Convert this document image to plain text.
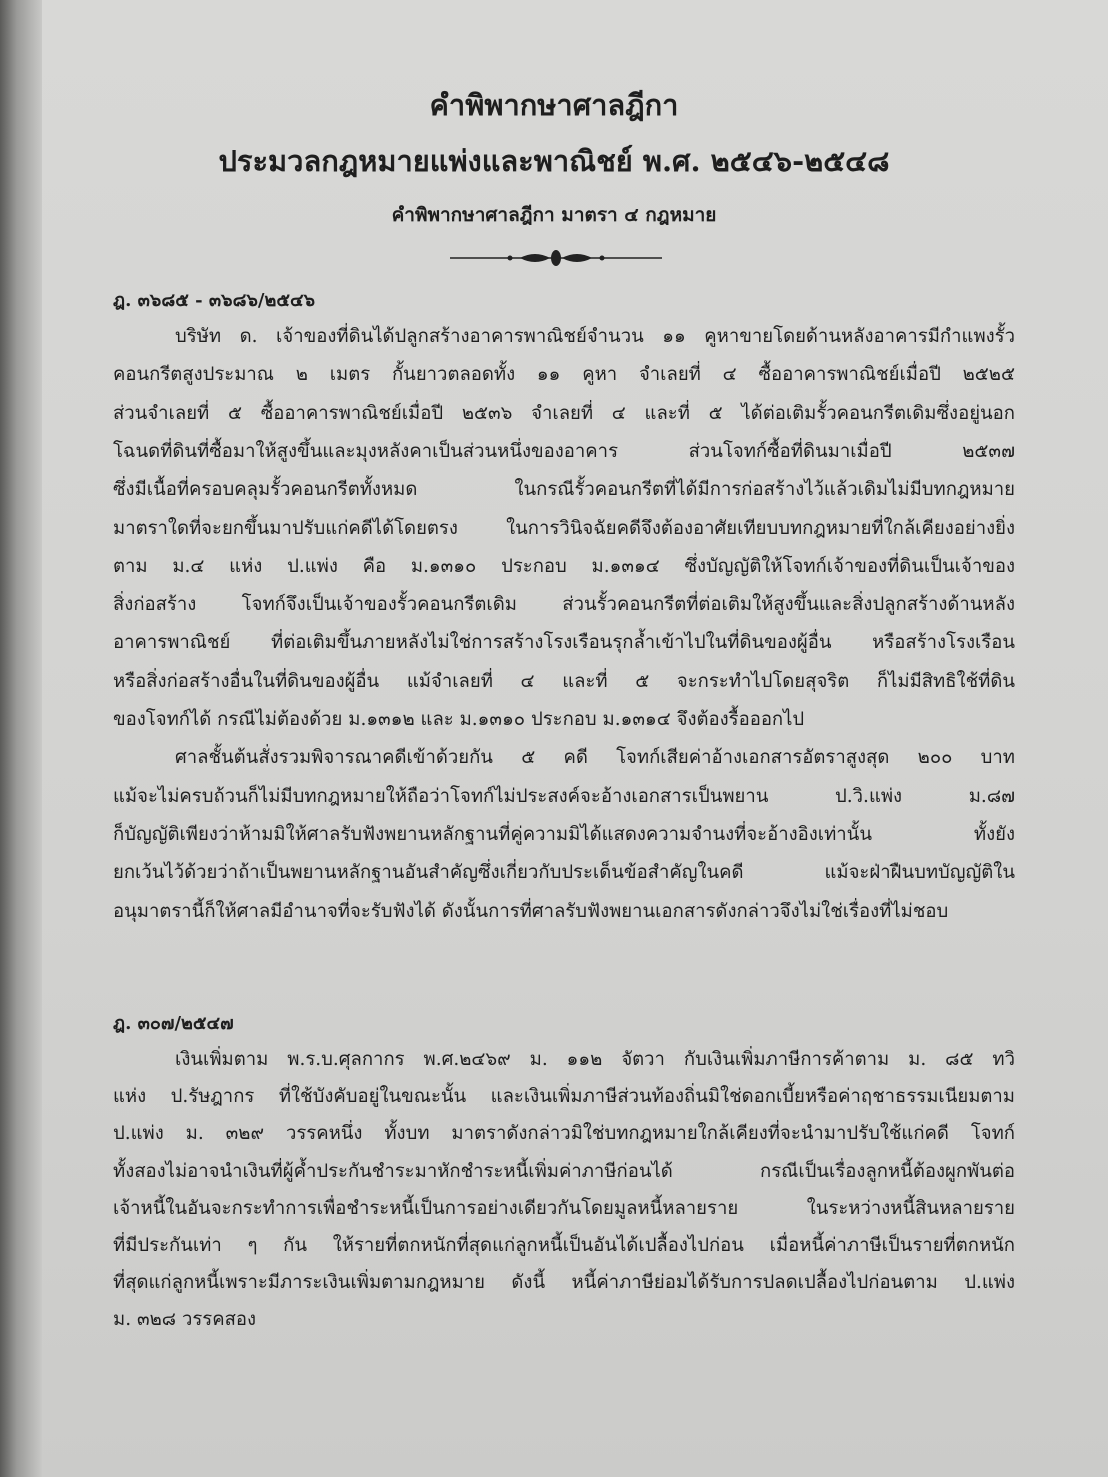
คำพิพากษาศาลฎีกา
ประมวลกฎหมายแพ่งและพาณิชย์ พ.ศ. ๒๕๔๖-๒๕๔๘
คำพิพากษาศาลฎีกา มาตรา ๔ กฎหมาย
ฎ. ๓๖๘๕ - ๓๖๘๖/๒๕๔๖
บริษัท ด. เจ้าของที่ดินได้ปลูกสร้างอาคารพาณิชย์จำนวน ๑๑ คูหาขายโดยด้านหลังอาคารมีกำแพงรั้ว
คอนกรีตสูงประมาณ ๒ เมตร กั้นยาวตลอดทั้ง ๑๑ คูหา จำเลยที่ ๔ ซื้ออาคารพาณิชย์เมื่อปี ๒๕๒๕
ส่วนจำเลยที่ ๕ ซื้ออาคารพาณิชย์เมื่อปี ๒๕๓๖ จำเลยที่ ๔ และที่ ๕ ได้ต่อเติมรั้วคอนกรีตเดิมซึ่งอยู่นอก
โฉนดที่ดินที่ซื้อมาให้สูงขึ้นและมุงหลังคาเป็นส่วนหนึ่งของอาคาร ส่วนโจทก์ซื้อที่ดินมาเมื่อปี ๒๕๓๗
ซึ่งมีเนื้อที่ครอบคลุมรั้วคอนกรีตทั้งหมด ในกรณีรั้วคอนกรีตที่ได้มีการก่อสร้างไว้แล้วเดิมไม่มีบทกฎหมาย
มาตราใดที่จะยกขึ้นมาปรับแก่คดีได้โดยตรง ในการวินิจฉัยคดีจึงต้องอาศัยเทียบบทกฎหมายที่ใกล้เคียงอย่างยิ่ง
ตาม ม.๔ แห่ง ป.แพ่ง คือ ม.๑๓๑๐ ประกอบ ม.๑๓๑๔ ซึ่งบัญญัติให้โจทก์เจ้าของที่ดินเป็นเจ้าของ
สิ่งก่อสร้าง โจทก์จึงเป็นเจ้าของรั้วคอนกรีตเดิม ส่วนรั้วคอนกรีตที่ต่อเติมให้สูงขึ้นและสิ่งปลูกสร้างด้านหลัง
อาคารพาณิชย์ ที่ต่อเติมขึ้นภายหลังไม่ใช่การสร้างโรงเรือนรุกล้ำเข้าไปในที่ดินของผู้อื่น หรือสร้างโรงเรือน
หรือสิ่งก่อสร้างอื่นในที่ดินของผู้อื่น แม้จำเลยที่ ๔ และที่ ๕ จะกระทำไปโดยสุจริต ก็ไม่มีสิทธิใช้ที่ดิน
ของโจทก์ได้ กรณีไม่ต้องด้วย ม.๑๓๑๒ และ ม.๑๓๑๐ ประกอบ ม.๑๓๑๔ จึงต้องรื้อออกไป
ศาลชั้นต้นสั่งรวมพิจารณาคดีเข้าด้วยกัน ๕ คดี โจทก์เสียค่าอ้างเอกสารอัตราสูงสุด ๒๐๐ บาท
แม้จะไม่ครบถ้วนก็ไม่มีบทกฎหมายให้ถือว่าโจทก์ไม่ประสงค์จะอ้างเอกสารเป็นพยาน ป.วิ.แพ่ง ม.๘๗
ก็บัญญัติเพียงว่าห้ามมิให้ศาลรับฟังพยานหลักฐานที่คู่ความมิได้แสดงความจำนงที่จะอ้างอิงเท่านั้น ทั้งยัง
ยกเว้นไว้ด้วยว่าถ้าเป็นพยานหลักฐานอันสำคัญซึ่งเกี่ยวกับประเด็นข้อสำคัญในคดี แม้จะฝ่าฝืนบทบัญญัติใน
อนุมาตรานี้ก็ให้ศาลมีอำนาจที่จะรับฟังได้ ดังนั้นการที่ศาลรับฟังพยานเอกสารดังกล่าวจึงไม่ใช่เรื่องที่ไม่ชอบ
ฎ. ๓๐๗/๒๕๔๗
เงินเพิ่มตาม พ.ร.บ.ศุลกากร พ.ศ.๒๔๖๙ ม. ๑๑๒ จัตวา กับเงินเพิ่มภาษีการค้าตาม ม. ๘๕ ทวิ
แห่ง ป.รัษฎากร ที่ใช้บังคับอยู่ในขณะนั้น และเงินเพิ่มภาษีส่วนท้องถิ่นมิใช่ดอกเบี้ยหรือค่าฤชาธรรมเนียมตาม
ป.แพ่ง ม. ๓๒๙ วรรคหนึ่ง ทั้งบท มาตราดังกล่าวมิใช่บทกฎหมายใกล้เคียงที่จะนำมาปรับใช้แก่คดี โจทก์
ทั้งสองไม่อาจนำเงินที่ผู้ค้ำประกันชำระมาหักชำระหนี้เพิ่มค่าภาษีก่อนได้ กรณีเป็นเรื่องลูกหนี้ต้องผูกพันต่อ
เจ้าหนี้ในอันจะกระทำการเพื่อชำระหนี้เป็นการอย่างเดียวกันโดยมูลหนี้หลายราย ในระหว่างหนี้สินหลายราย
ที่มีประกันเท่า ๆ กัน ให้รายที่ตกหนักที่สุดแก่ลูกหนี้เป็นอันได้เปลื้องไปก่อน เมื่อหนี้ค่าภาษีเป็นรายที่ตกหนัก
ที่สุดแก่ลูกหนี้เพราะมีภาระเงินเพิ่มตามกฎหมาย ดังนี้ หนี้ค่าภาษีย่อมได้รับการปลดเปลื้องไปก่อนตาม ป.แพ่ง
ม. ๓๒๘ วรรคสอง
